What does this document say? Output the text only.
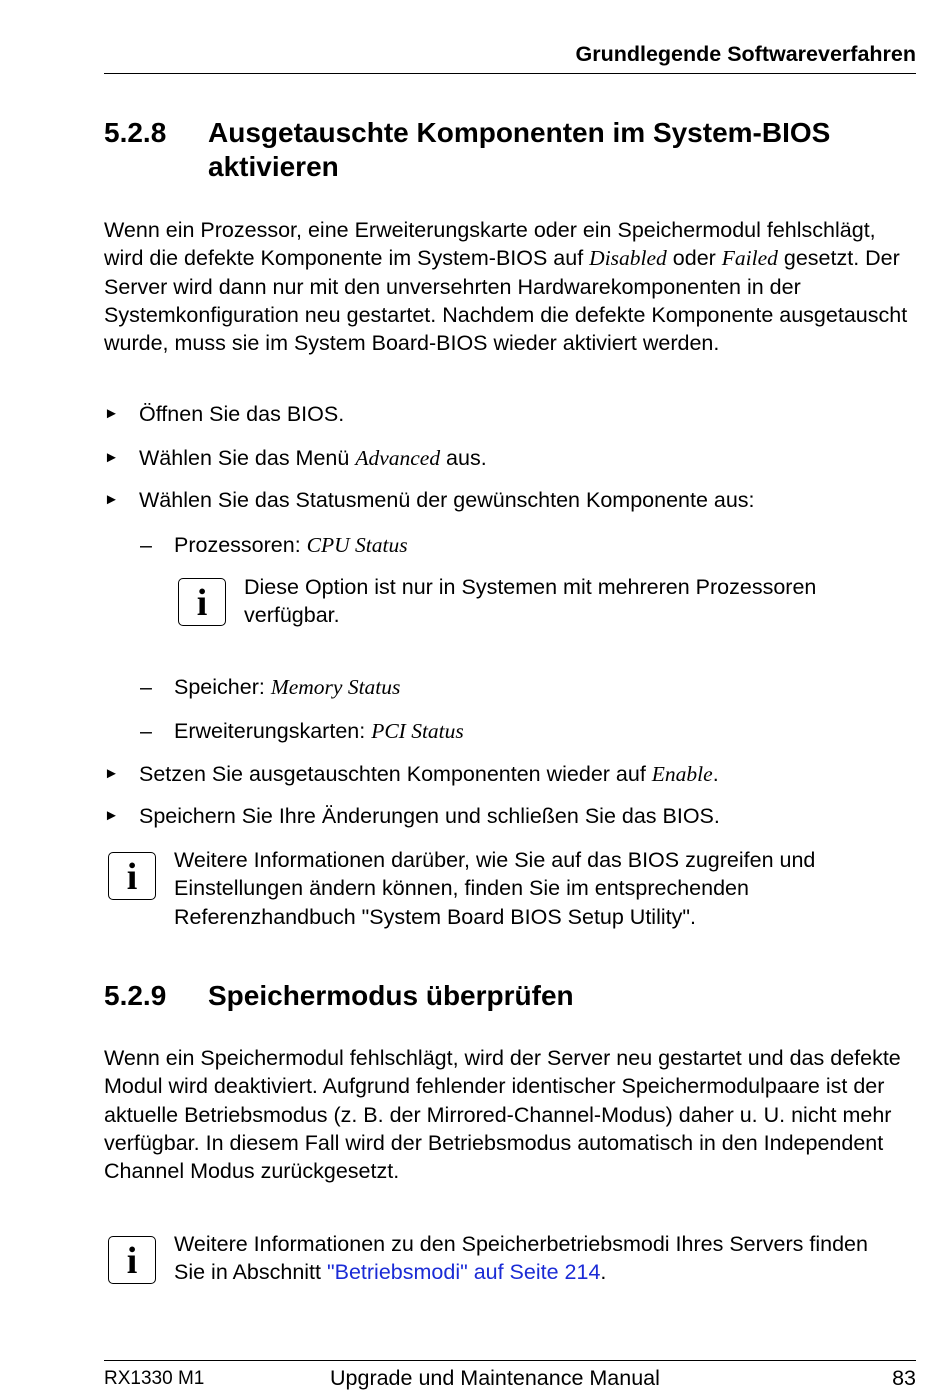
Grundlegende Softwareverfahren
5.2.8 Ausgetauschte Komponenten im System-BIOS
aktivieren

Wenn ein Prozessor, eine Erweiterungskarte oder ein Speichermodul fehlschlägt, wird die defekte Komponente im System-BIOS auf Disabled oder Failed gesetzt. Der Server wird dann nur mit den unversehrten Hardwarekomponenten in der Systemkonfiguration neu gestartet. Nachdem die defekte Komponente ausgetauscht wurde, muss sie im System Board-BIOS wieder aktiviert werden.

► Öffnen Sie das BIOS.
► Wählen Sie das Menü Advanced aus.
► Wählen Sie das Statusmenü der gewünschten Komponente aus:
– Prozessoren: CPU Status
i	Diese Option ist nur in Systemen mit mehreren Prozessoren verfügbar.

– Speicher: Memory Status
– Erweiterungskarten: PCI Status
► Setzen Sie ausgetauschten Komponenten wieder auf Enable.
► Speichern Sie Ihre Änderungen und schließen Sie das BIOS.
i	Weitere Informationen darüber, wie Sie auf das BIOS zugreifen und Einstellungen ändern können, finden Sie im entsprechenden Referenzhandbuch "System Board BIOS Setup Utility".

5.2.9 Speichermodus überprüfen

Wenn ein Speichermodul fehlschlägt, wird der Server neu gestartet und das defekte Modul wird deaktiviert. Aufgrund fehlender identischer Speichermodulpaare ist der aktuelle Betriebsmodus (z. B. der Mirrored-Channel-Modus) daher u. U. nicht mehr verfügbar. In diesem Fall wird der Betriebsmodus automatisch in den Independent Channel Modus zurückgesetzt.

i	Weitere Informationen zu den Speicherbetriebsmodi Ihres Servers finden Sie in Abschnitt "Betriebsmodi" auf Seite 214.

RX1330 M1	Upgrade und Maintenance Manual	83
